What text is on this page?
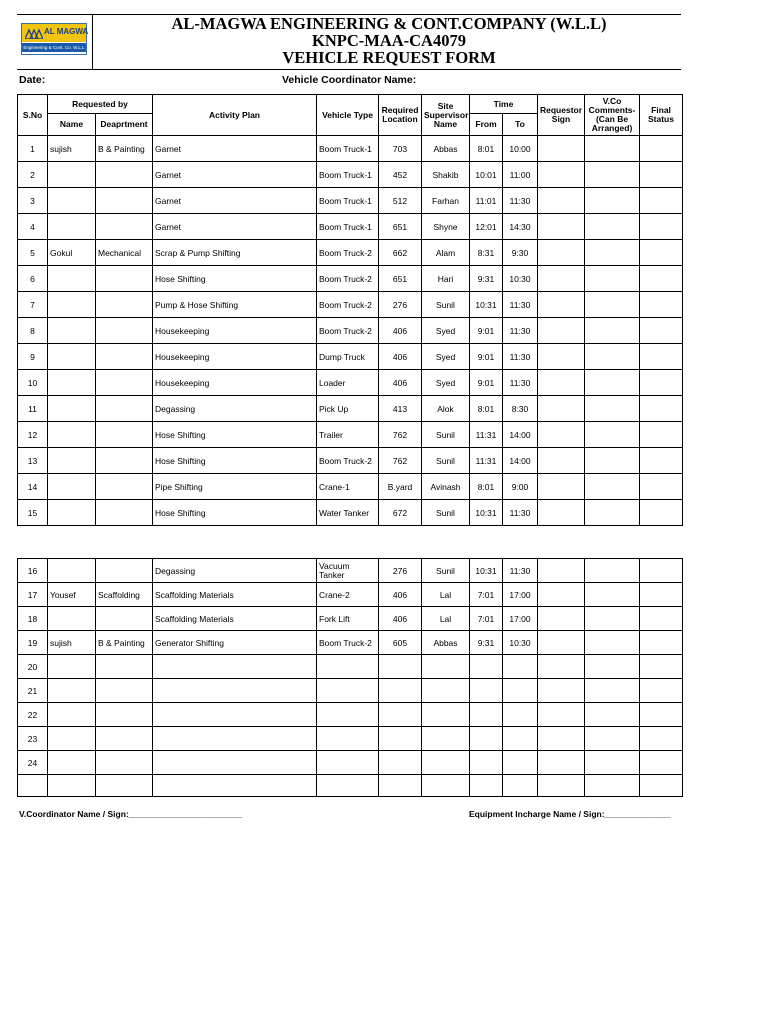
AL MAGWA
Engineering & Cont. Co. W.L.L
AL-MAGWA ENGINEERING & CONT.COMPANY (W.L.L)
KNPC-MAA-CA4079
VEHICLE REQUEST FORM
Date:	Vehicle Coordinator Name:
S.No	Requested by		Activity Plan	Vehicle Type	Required Location	Site Supervisor Name	Time		Requestor Sign	V.Co Comments- (Can Be Arranged)	Final Status
	Name	Deaprtment					From	To			
1	sujish	B & Painting	Garnet	Boom Truck-1	703	Abbas	8:01	10:00			
2			Garnet	Boom Truck-1	452	Shakib	10:01	11:00			
3			Garnet	Boom Truck-1	512	Farhan	11:01	11:30			
4			Garnet	Boom Truck-1	651	Shyne	12:01	14:30			
5	Gokul	Mechanical	Scrap & Pump Shifting	Boom Truck-2	662	Alam	8:31	9:30			
6			Hose Shifting	Boom Truck-2	651	Hari	9:31	10:30			
7			Pump & Hose Shifting	Boom Truck-2	276	Sunil	10:31	11:30			
8			Housekeeping	Boom Truck-2	406	Syed	9:01	11:30			
9			Housekeeping	Dump Truck	406	Syed	9:01	11:30			
10			Housekeeping	Loader	406	Syed	9:01	11:30			
11			Degassing	Pick Up	413	Alok	8:01	8:30			
12			Hose Shifting	Trailer	762	Sunil	11:31	14:00			
13			Hose Shifting	Boom Truck-2	762	Sunil	11:31	14:00			
14			Pipe Shifting	Crane-1	B.yard	Avinash	8:01	9:00			
15			Hose Shifting	Water Tanker	672	Sunil	10:31	11:30			
16			Degassing	Vacuum Tanker	276	Sunil	10:31	11:30			
17	Yousef	Scaffolding	Scaffolding Materials	Crane-2	406	Lal	7:01	17:00			
18			Scaffolding Materials	Fork Lift	406	Lal	7:01	17:00			
19	sujish	B & Painting	Generator Shifting	Boom Truck-2	605	Abbas	9:31	10:30			
20											
21											
22											
23											
24											

V.Coordinator Name / Sign:________________________	Equipment Incharge Name / Sign:______________
